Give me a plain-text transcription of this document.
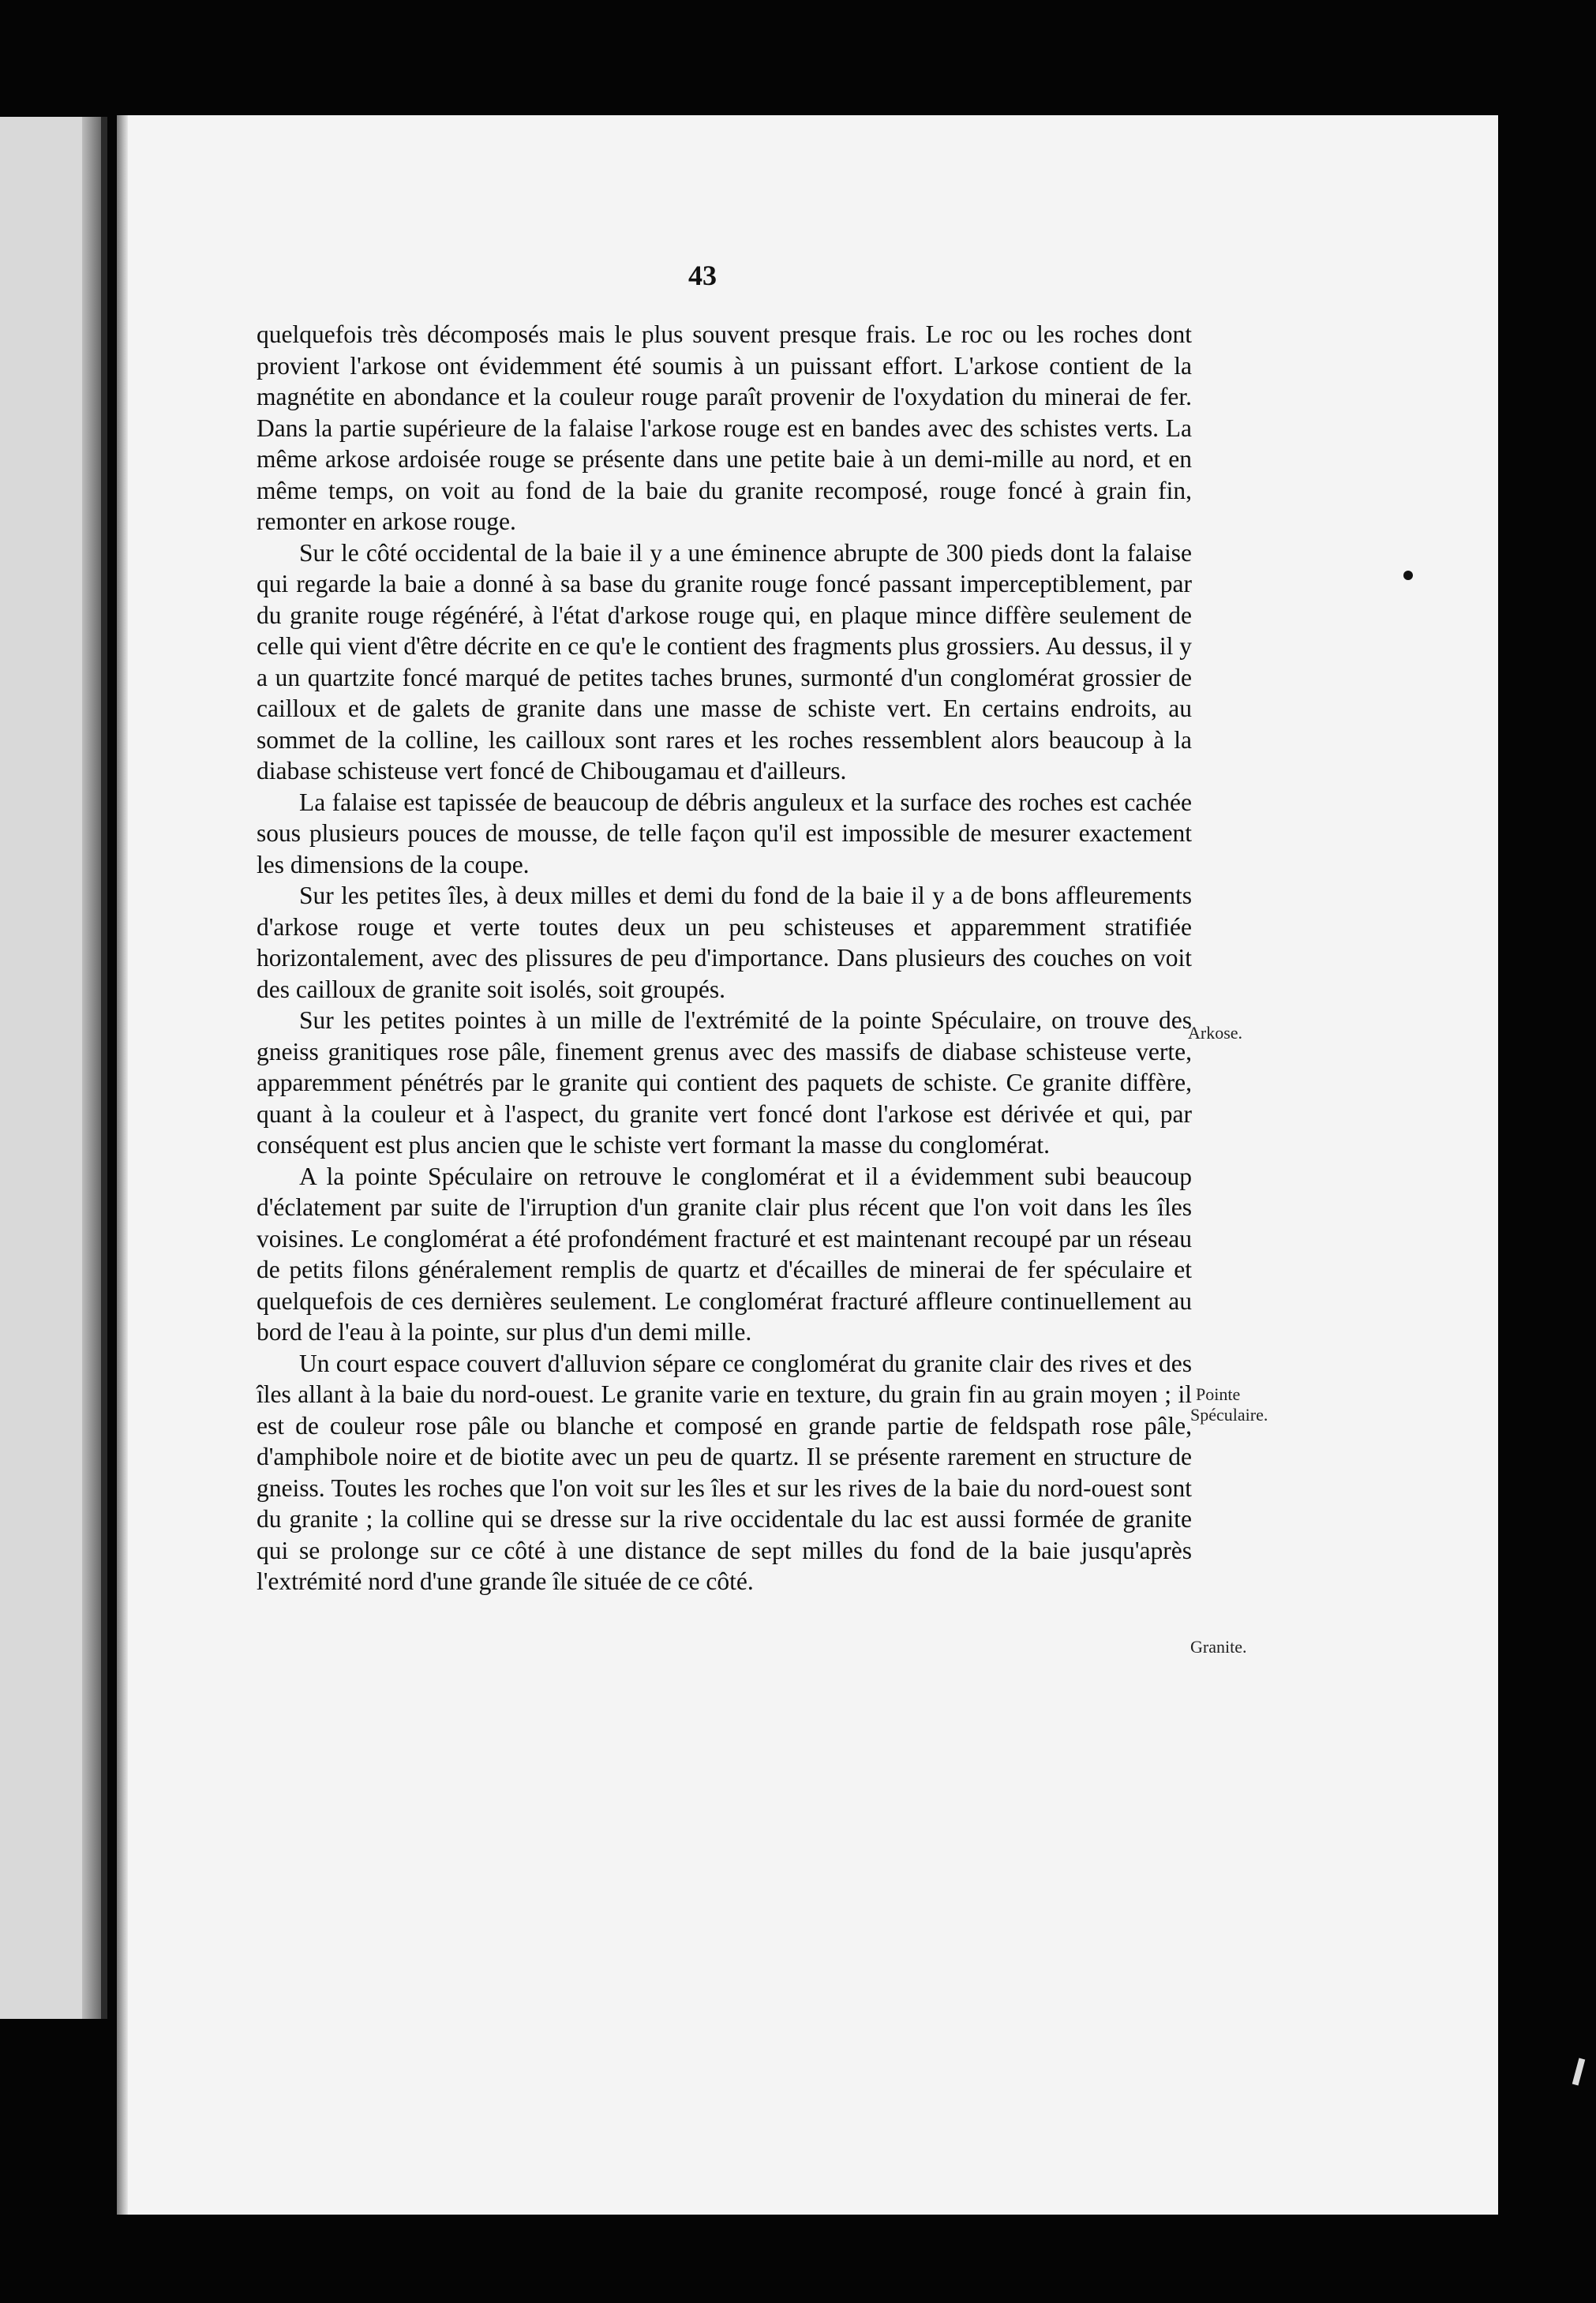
43

quelquefois très décomposés mais le plus souvent presque frais. Le roc ou les roches dont provient l'arkose ont évidemment été soumis à un puissant effort. L'arkose contient de la magnétite en abondance et la couleur rouge paraît provenir de l'oxydation du minerai de fer. Dans la partie supérieure de la falaise l'arkose rouge est en bandes avec des schistes verts. La même arkose ardoisée rouge se présente dans une petite baie à un demi-mille au nord, et en même temps, on voit au fond de la baie du granite recomposé, rouge foncé à grain fin, remonter en arkose rouge.

Sur le côté occidental de la baie il y a une éminence abrupte de 300 pieds dont la falaise qui regarde la baie a donné à sa base du granite rouge foncé passant imperceptiblement, par du granite rouge régénéré, à l'état d'arkose rouge qui, en plaque mince diffère seulement de celle qui vient d'être décrite en ce qu'e le contient des fragments plus grossiers. Au dessus, il y a un quartzite foncé marqué de petites taches brunes, surmonté d'un conglomérat grossier de cailloux et de galets de granite dans une masse de schiste vert. En certains endroits, au sommet de la colline, les cailloux sont rares et les roches ressemblent alors beaucoup à la diabase schisteuse vert foncé de Chibougamau et d'ailleurs.

La falaise est tapissée de beaucoup de débris anguleux et la surface des roches est cachée sous plusieurs pouces de mousse, de telle façon qu'il est impossible de mesurer exactement les dimensions de la coupe.

Sur les petites îles, à deux milles et demi du fond de la baie il y a de bons affleurements d'arkose rouge et verte toutes deux un peu schisteuses et apparemment stratifiée horizontalement, avec des plissures de peu d'importance. Dans plusieurs des couches on voit des cailloux de granite soit isolés, soit groupés.

Sur les petites pointes à un mille de l'extrémité de la pointe Spéculaire, on trouve des gneiss granitiques rose pâle, finement grenus avec des massifs de diabase schisteuse verte, apparemment pénétrés par le granite qui contient des paquets de schiste. Ce granite diffère, quant à la couleur et à l'aspect, du granite vert foncé dont l'arkose est dérivée et qui, par conséquent est plus ancien que le schiste vert formant la masse du conglomérat.

A la pointe Spéculaire on retrouve le conglomérat et il a évidemment subi beaucoup d'éclatement par suite de l'irruption d'un granite clair plus récent que l'on voit dans les îles voisines. Le conglomérat a été profondément fracturé et est maintenant recoupé par un réseau de petits filons généralement remplis de quartz et d'écailles de minerai de fer spéculaire et quelquefois de ces dernières seulement. Le conglomérat fracturé affleure continuellement au bord de l'eau à la pointe, sur plus d'un demi mille.

Un court espace couvert d'alluvion sépare ce conglomérat du granite clair des rives et des îles allant à la baie du nord-ouest. Le granite varie en texture, du grain fin au grain moyen ; il est de couleur rose pâle ou blanche et composé en grande partie de feldspath rose pâle, d'amphibole noire et de biotite avec un peu de quartz. Il se présente rarement en structure de gneiss. Toutes les roches que l'on voit sur les îles et sur les rives de la baie du nord-ouest sont du granite ; la colline qui se dresse sur la rive occidentale du lac est aussi formée de granite qui se prolonge sur ce côté à une distance de sept milles du fond de la baie jusqu'après l'extrémité nord d'une grande île située de ce côté.

Arkose.
Pointe
Spéculaire.
Granite.
